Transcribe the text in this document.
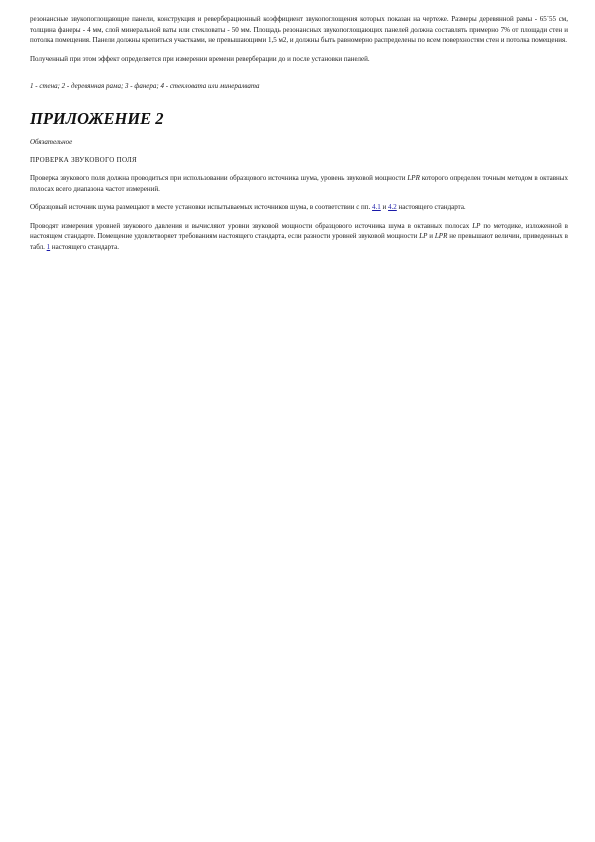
резонансные звукопоглощающие панели, конструкция и реверберационный коэффициент звукопоглощения которых показан на чертеже. Размеры деревянной рамы - 65´55 см, толщина фанеры - 4 мм, слой минеральной ваты или стекловаты - 50 мм. Площадь резонансных звукопоглощающих панелей должна составлять примерно 7% от площади стен и потолка помещения. Панели должны крепиться участками, не превышающими 1,5 м2, и должны быть равномерно распределены по всем поверхностям стен и потолка помещения.

Полученный при этом эффект определяется при измерении времени реверберации до и после установки панелей.

1 - стена; 2 - деревянная рама; 3 - фанера; 4 - стекловата или минералвата

ПРИЛОЖЕНИЕ 2

Обязательное

ПРОВЕРКА ЗВУКОВОГО ПОЛЯ

Проверка звукового поля должна проводиться при использовании образцового источника шума, уровень звуковой мощности LPR которого определен точным методом в октавных полосах всего диапазона частот измерений.

Образцовый источник шума размещают в месте установки испытываемых источников шума, в соответствии с пп. 4.1 и 4.2 настоящего стандарта.

Проводят измерения уровней звукового давления и вычисляют уровни звуковой мощности образцового источника шума в октавных полосах LP по методике, изложенной в настоящем стандарте. Помещение удовлетворяет требованиям настоящего стандарта, если разности уровней звуковой мощности LP и LPR не превышают величин, приведенных в табл. 1 настоящего стандарта.
